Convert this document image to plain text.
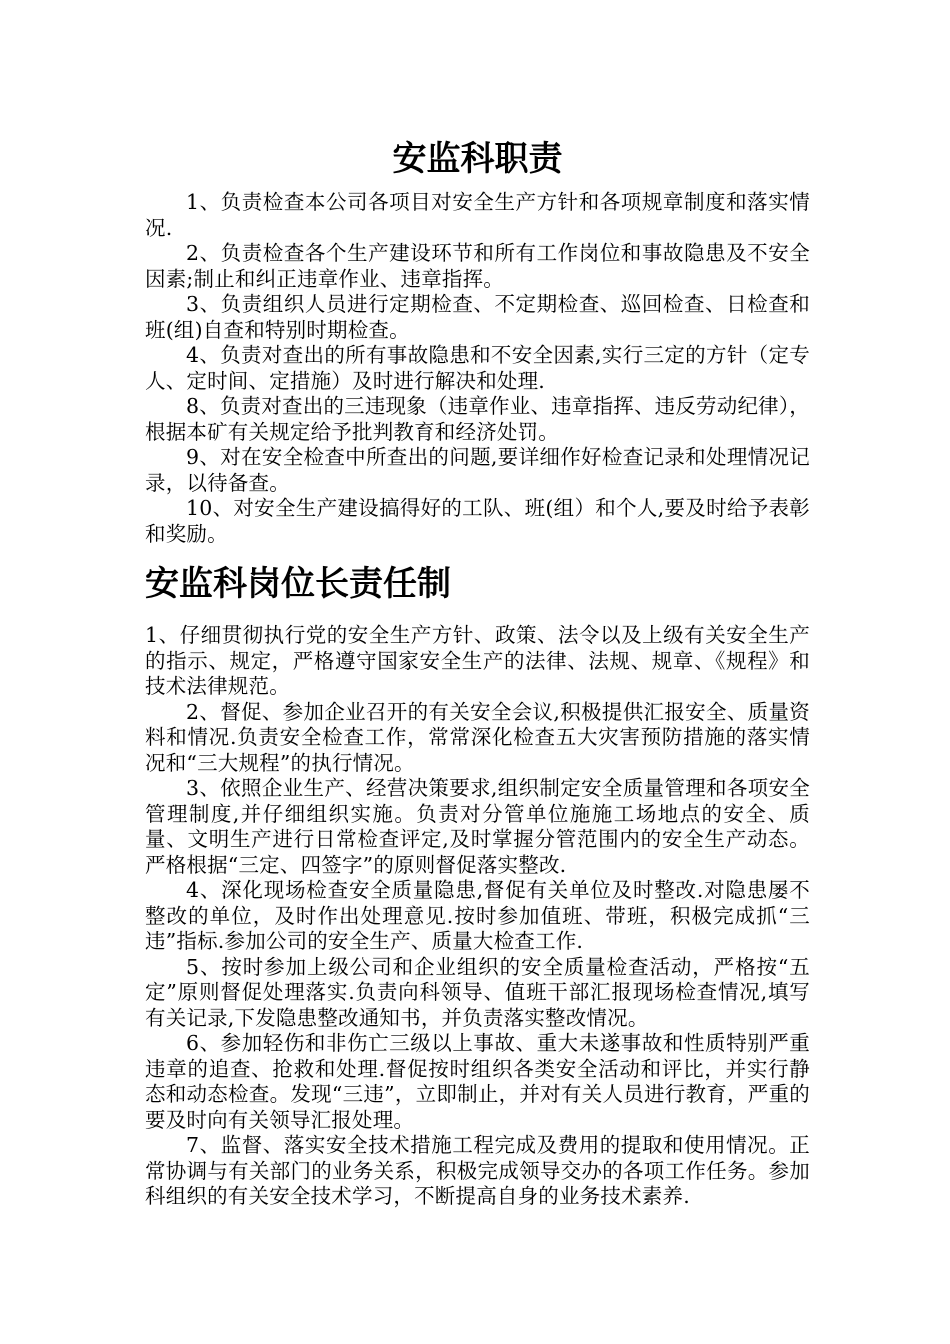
安监科职责

1、负责检查本公司各项目对安全生产方针和各项规章制度和落实情况.

2、负责检查各个生产建设环节和所有工作岗位和事故隐患及不安全因素;制止和纠正违章作业、违章指挥。

3、负责组织人员进行定期检查、不定期检查、巡回检查、日检查和班(组)自查和特别时期检查。

4、负责对查出的所有事故隐患和不安全因素,实行三定的方针（定专人、定时间、定措施）及时进行解决和处理.

8、负责对查出的三违现象（违章作业、违章指挥、违反劳动纪律），根据本矿有关规定给予批判教育和经济处罚。

9、对在安全检查中所查出的问题,要详细作好检查记录和处理情况记录，以待备查。

10、对安全生产建设搞得好的工队、班(组）和个人,要及时给予表彰和奖励。

安监科岗位长责任制

1、仔细贯彻执行党的安全生产方针、政策、法令以及上级有关安全生产的指示、规定，严格遵守国家安全生产的法律、法规、规章、《规程》和技术法律规范。

2、督促、参加企业召开的有关安全会议,积极提供汇报安全、质量资料和情况.负责安全检查工作，常常深化检查五大灾害预防措施的落实情况和“三大规程”的执行情况。

3、依照企业生产、经营决策要求,组织制定安全质量管理和各项安全管理制度,并仔细组织实施。负责对分管单位施施工场地点的安全、质量、文明生产进行日常检查评定,及时掌握分管范围内的安全生产动态。严格根据“三定、四签字”的原则督促落实整改.

4、深化现场检查安全质量隐患,督促有关单位及时整改.对隐患屡不整改的单位，及时作出处理意见.按时参加值班、带班，积极完成抓“三违”指标.参加公司的安全生产、质量大检查工作.

5、按时参加上级公司和企业组织的安全质量检查活动，严格按“五定”原则督促处理落实.负责向科领导、值班干部汇报现场检查情况,填写有关记录,下发隐患整改通知书，并负责落实整改情况。

6、参加轻伤和非伤亡三级以上事故、重大未遂事故和性质特别严重违章的追查、抢救和处理.督促按时组织各类安全活动和评比，并实行静态和动态检查。发现“三违”，立即制止，并对有关人员进行教育，严重的要及时向有关领导汇报处理。

7、监督、落实安全技术措施工程完成及费用的提取和使用情况。正常协调与有关部门的业务关系，积极完成领导交办的各项工作任务。参加科组织的有关安全技术学习，不断提高自身的业务技术素养.
